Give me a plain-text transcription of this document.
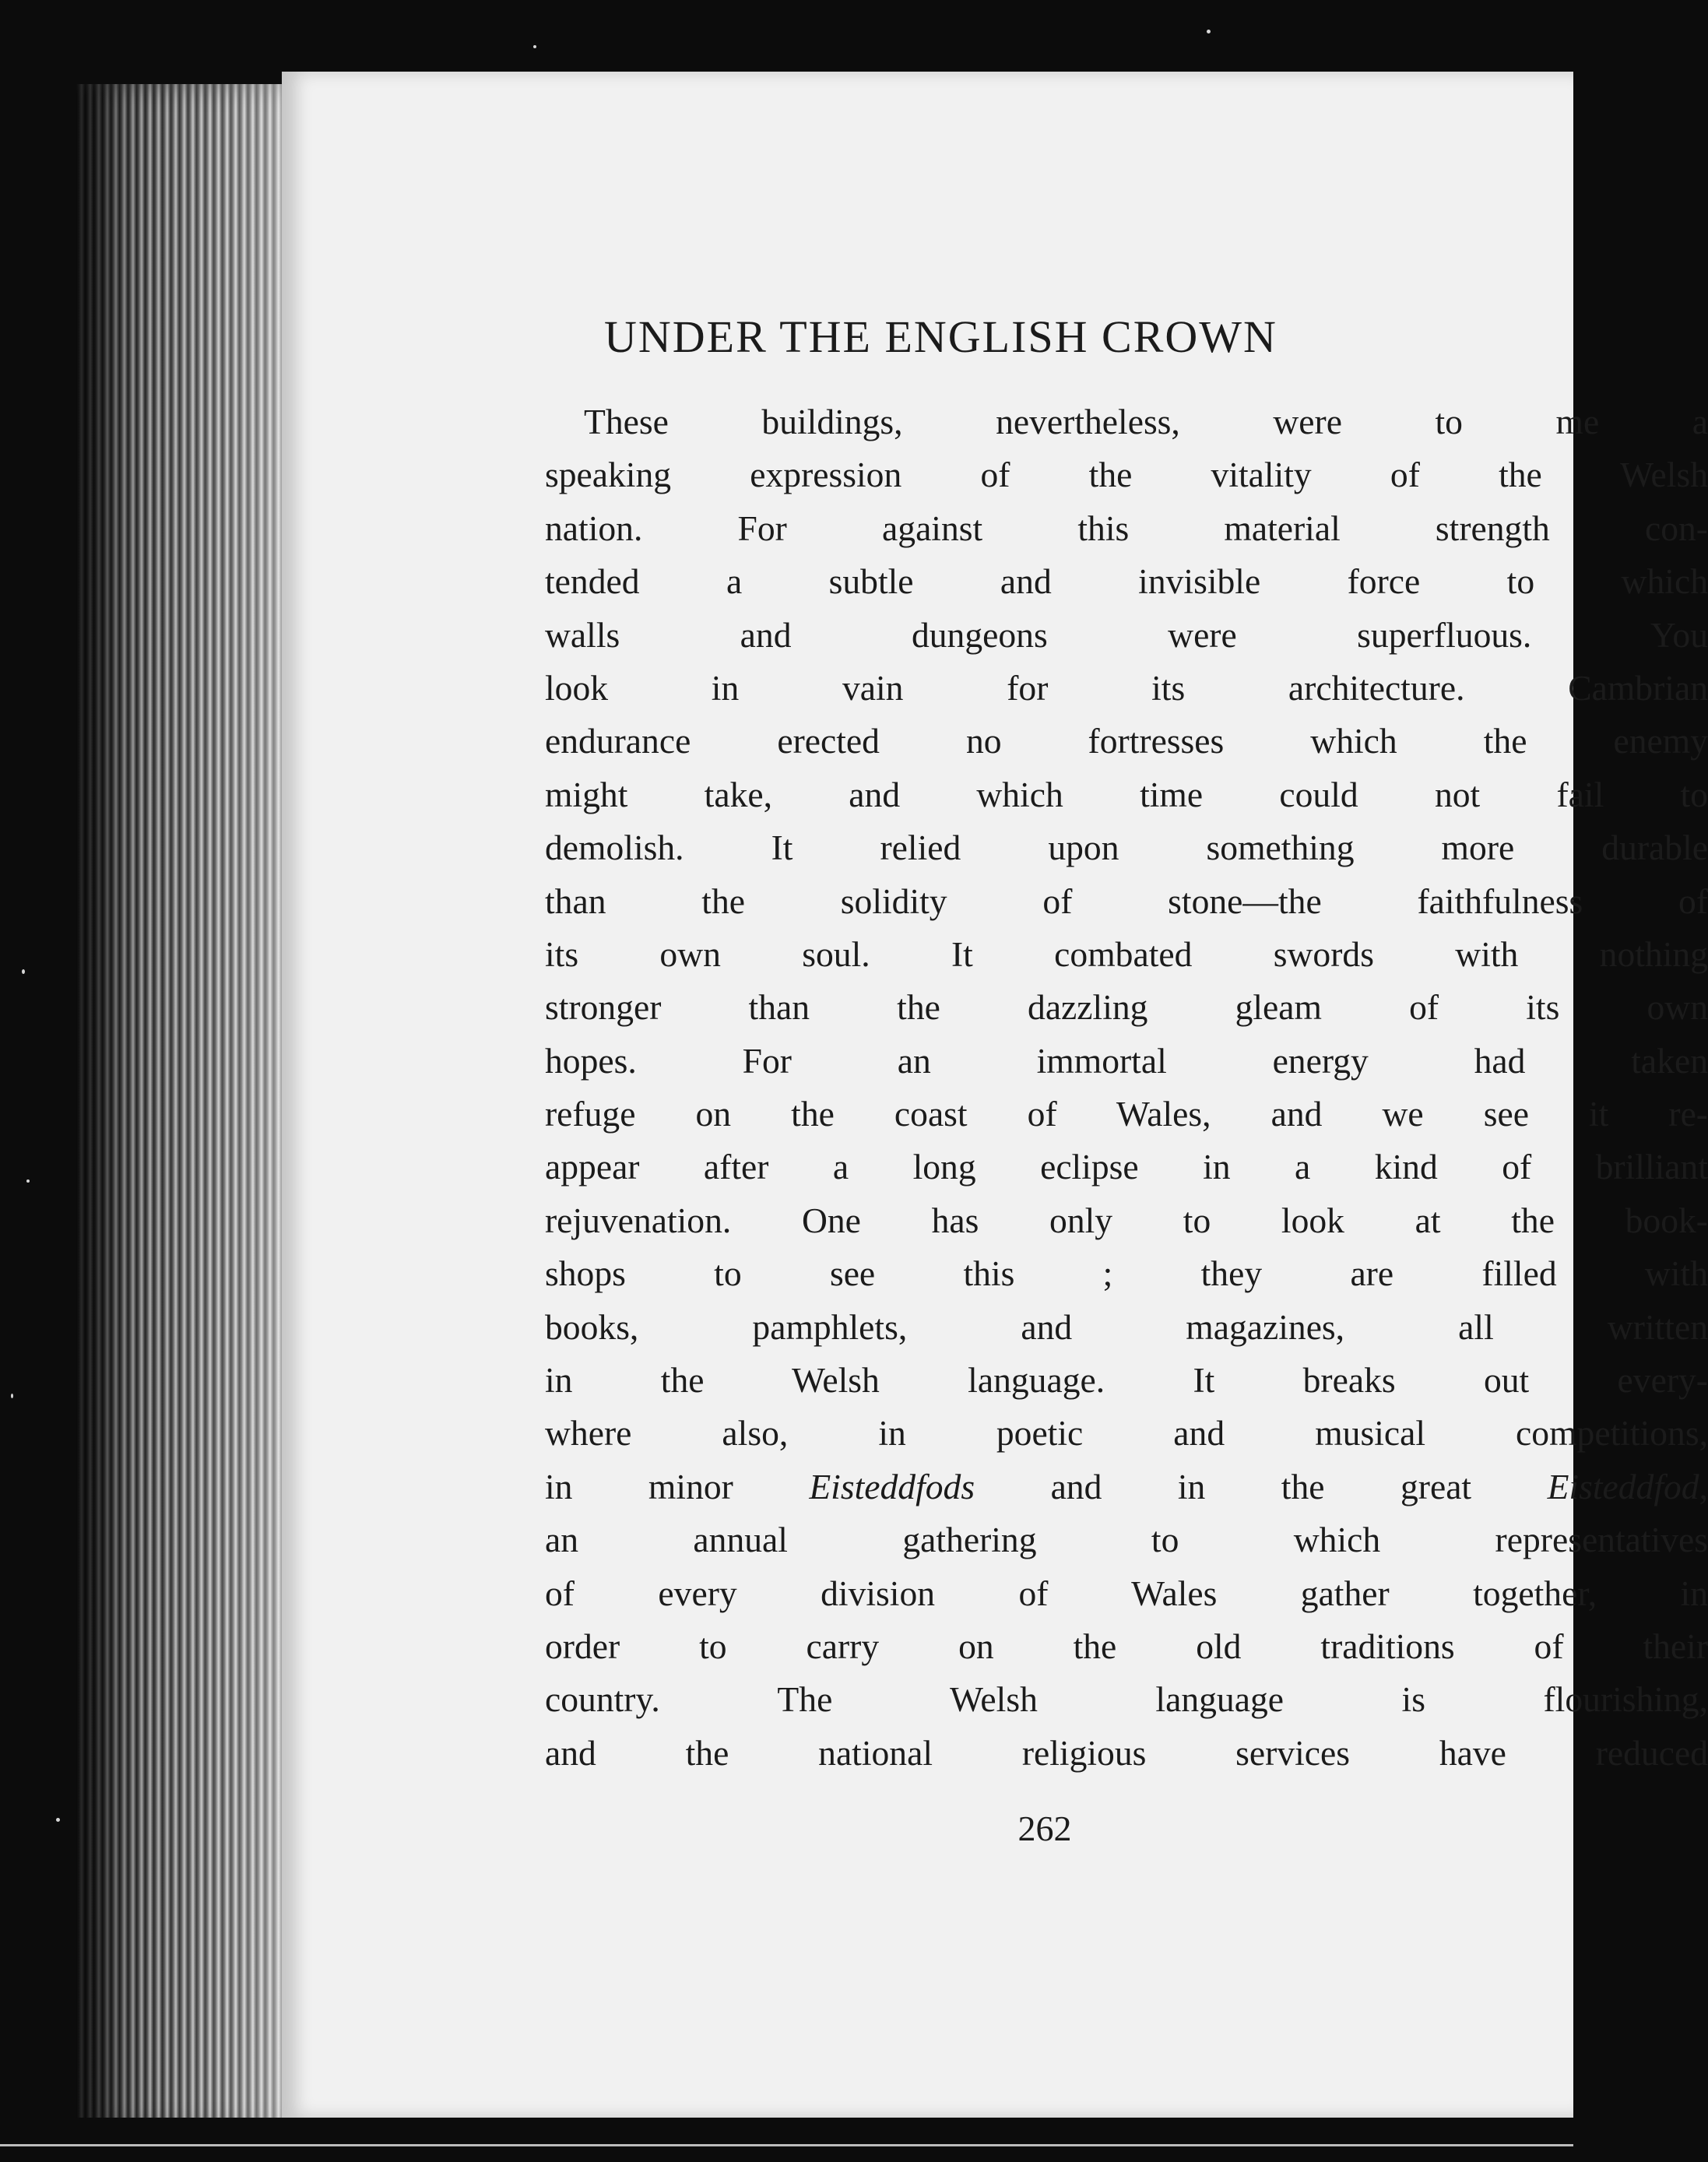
UNDER THE ENGLISH CROWN

These buildings, nevertheless, were to me a
speaking expression of the vitality of the Welsh
nation. For against this material strength con-
tended a subtle and invisible force to which
walls and dungeons were superfluous. You
look in vain for its architecture. Cambrian
endurance erected no fortresses which the enemy
might take, and which time could not fail to
demolish. It relied upon something more durable
than the solidity of stone—the faithfulness of
its own soul. It combated swords with nothing
stronger than the dazzling gleam of its own
hopes. For an immortal energy had taken
refuge on the coast of Wales, and we see it re-
appear after a long eclipse in a kind of brilliant
rejuvenation. One has only to look at the book-
shops to see this ; they are filled with
books, pamphlets, and magazines, all written
in the Welsh language. It breaks out every-
where also, in poetic and musical competitions,
in minor Eisteddfods and in the great Eisteddfod,
an annual gathering to which representatives
of every division of Wales gather together, in
order to carry on the old traditions of their
country. The Welsh language is flourishing,
and the national religious services have reduced

262
